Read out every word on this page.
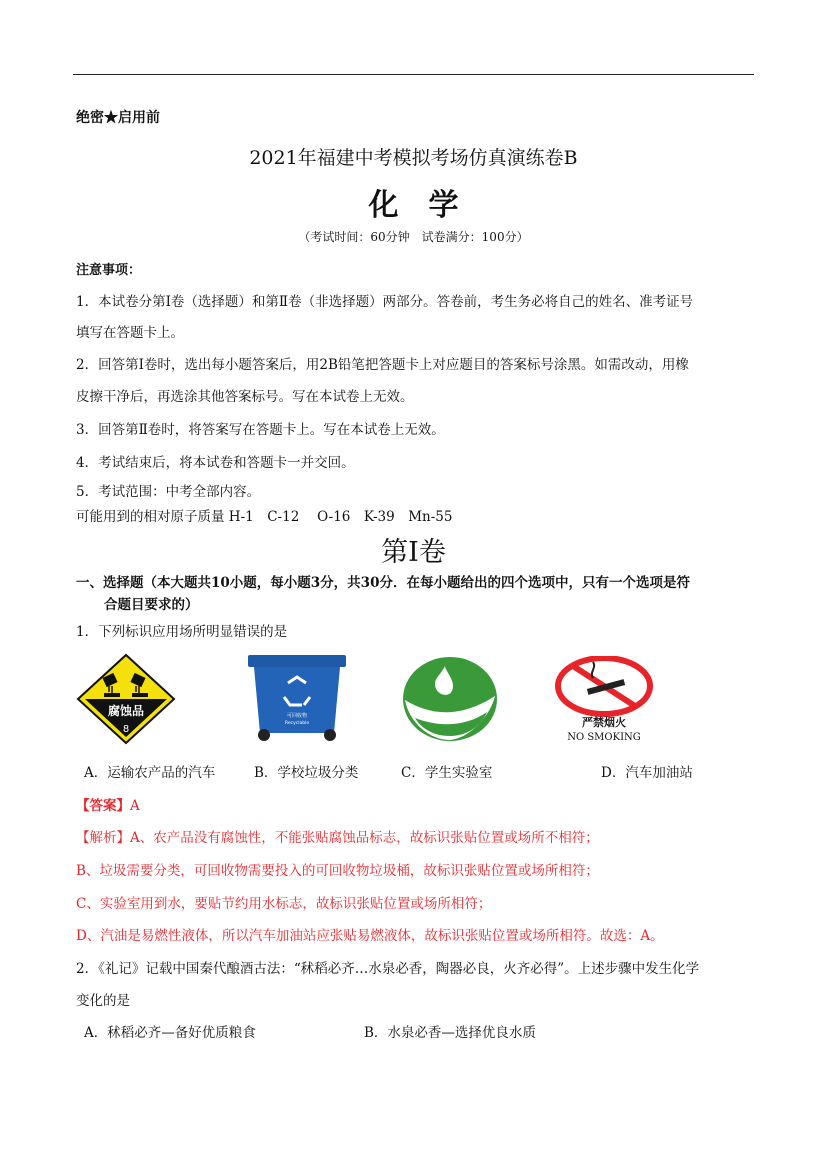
绝密★启用前
2021年福建中考模拟考场仿真演练卷B
化学
（考试时间：60分钟　试卷满分：100分）
注意事项：
1．本试卷分第Ⅰ卷（选择题）和第Ⅱ卷（非选择题）两部分。答卷前，考生务必将自己的姓名、准考证号
填写在答题卡上。
2．回答第Ⅰ卷时，选出每小题答案后，用2B铅笔把答题卡上对应题目的答案标号涂黑。如需改动，用橡
皮擦干净后，再选涂其他答案标号。写在本试卷上无效。
3．回答第Ⅱ卷时，将答案写在答题卡上。写在本试卷上无效。
4．考试结束后，将本试卷和答题卡一并交回。
5．考试范围：中考全部内容。
可能用到的相对原子质量 H-1　C-12　 O-16　K-39　Mn-55
第Ⅰ卷
一、选择题（本大题共10小题，每小题3分，共30分．在每小题给出的四个选项中，只有一个选项是符
合题目要求的）
1．下列标识应用场所明显错误的是
腐蚀品
8
可回收物
Recyclable	严禁烟火
NO SMOKING
A．运输农产品的汽车	B．学校垃圾分类	C．学生实验室	D．汽车加油站
【答案】A
【解析】A、农产品没有腐蚀性，不能张贴腐蚀品标志，故标识张贴位置或场所不相符；
B、垃圾需要分类，可回收物需要投入的可回收物垃圾桶，故标识张贴位置或场所相符；
C、实验室用到水，要贴节约用水标志，故标识张贴位置或场所相符；
D、汽油是易燃性液体，所以汽车加油站应张贴易燃液体，故标识张贴位置或场所相符。故选：A。
2．《礼记》记载中国秦代酿酒古法：“秫稻必齐…水泉必香，陶器必良，火齐必得”。上述步骤中发生化学
变化的是
A．秫稻必齐—备好优质粮食	B．水泉必香—选择优良水质
